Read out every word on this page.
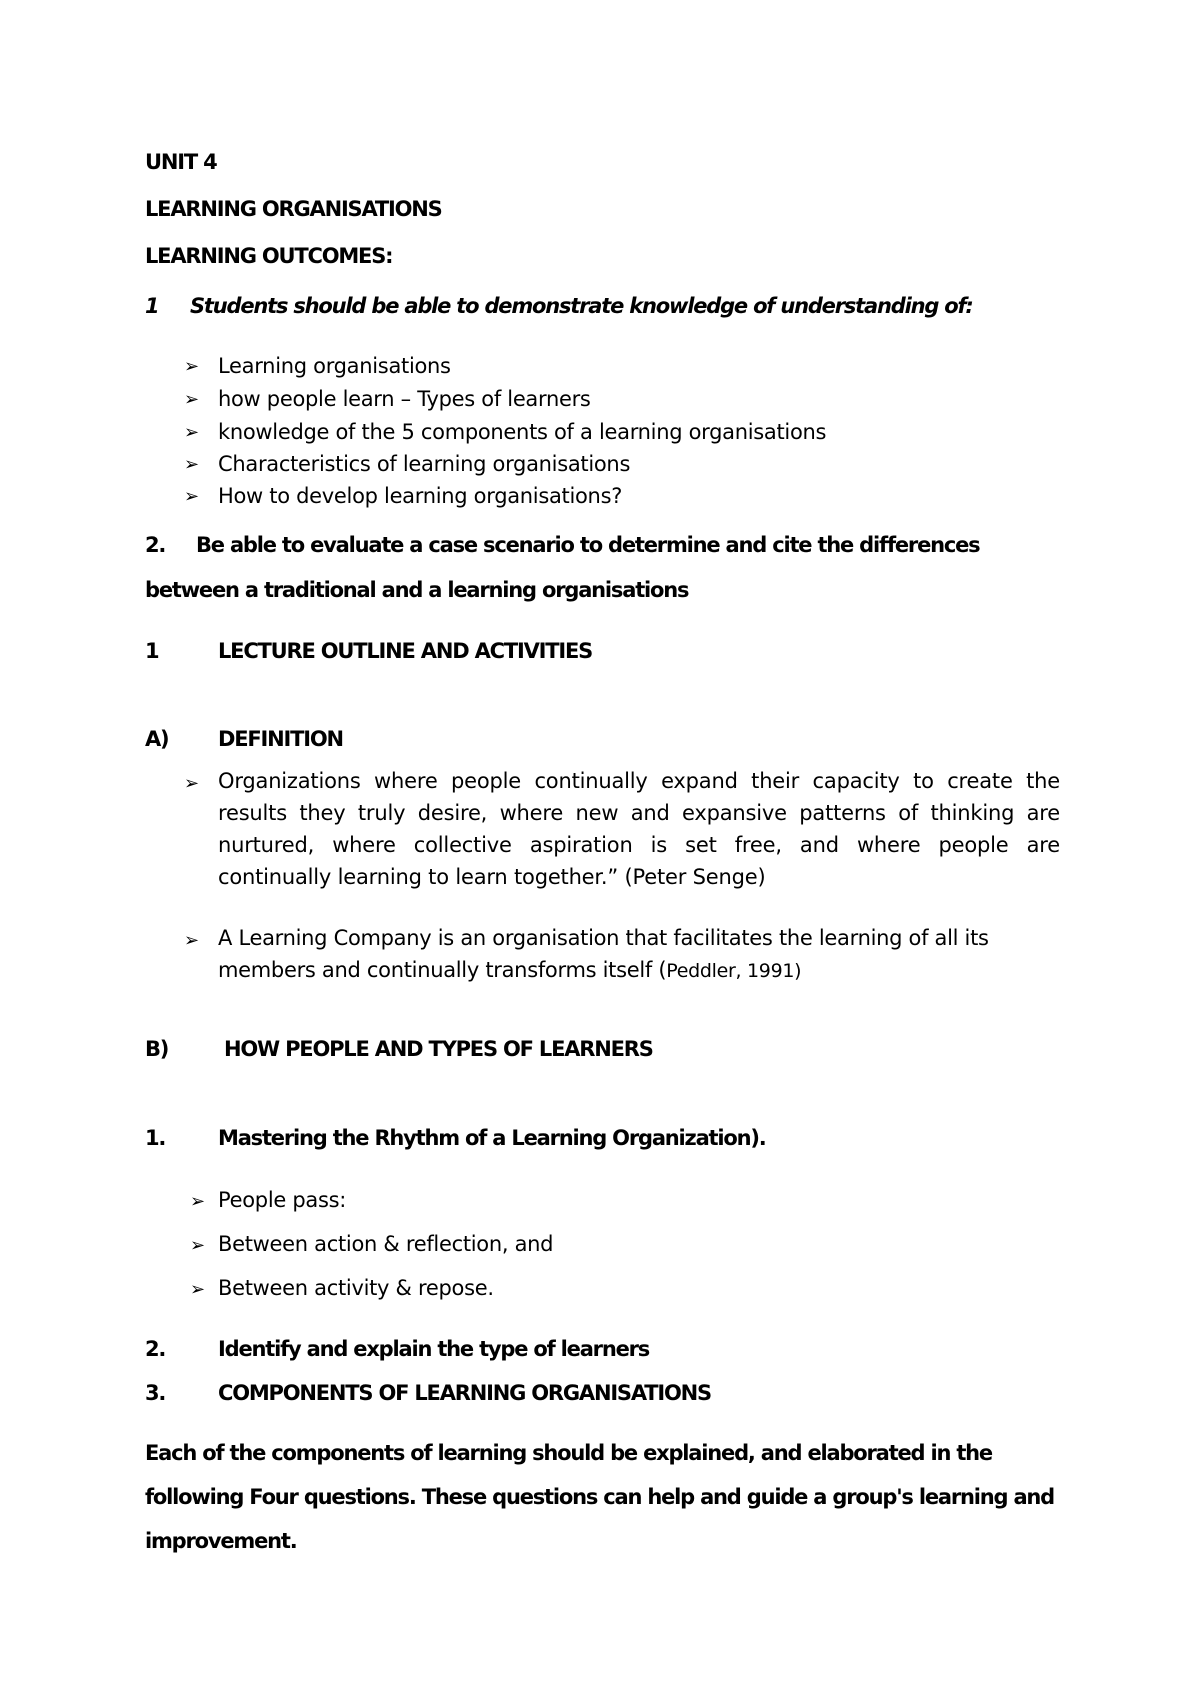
UNIT 4
LEARNING ORGANISATIONS
LEARNING OUTCOMES:
1 Students should be able to demonstrate knowledge of understanding of:
➢ Learning organisations
➢ how people learn – Types of learners
➢ knowledge of the 5 components of a learning organisations
➢ Characteristics of learning organisations
➢ How to develop learning organisations?
2. Be able to evaluate a case scenario to determine and cite the differences
between a traditional and a learning organisations
1	LECTURE OUTLINE AND ACTIVITIES
A) DEFINITION
➢ Organizations where people continually expand their capacity to create the results they truly desire, where new and expansive patterns of thinking are nurtured, where collective aspiration is set free, and where people are continually learning to learn together.” (Peter Senge)
➢ A Learning Company is an organisation that facilitates the learning of all its
members and continually transforms itself (Peddler, 1991)
B)	HOW PEOPLE AND TYPES OF LEARNERS
1.	Mastering the Rhythm of a Learning Organization).
➢ People pass:
➢ Between action & reflection, and
➢ Between activity & repose.
2.	Identify and explain the type of learners
3.	COMPONENTS OF LEARNING ORGANISATIONS
Each of the components of learning should be explained, and elaborated in the
following Four questions. These questions can help and guide a group's learning and
improvement.
